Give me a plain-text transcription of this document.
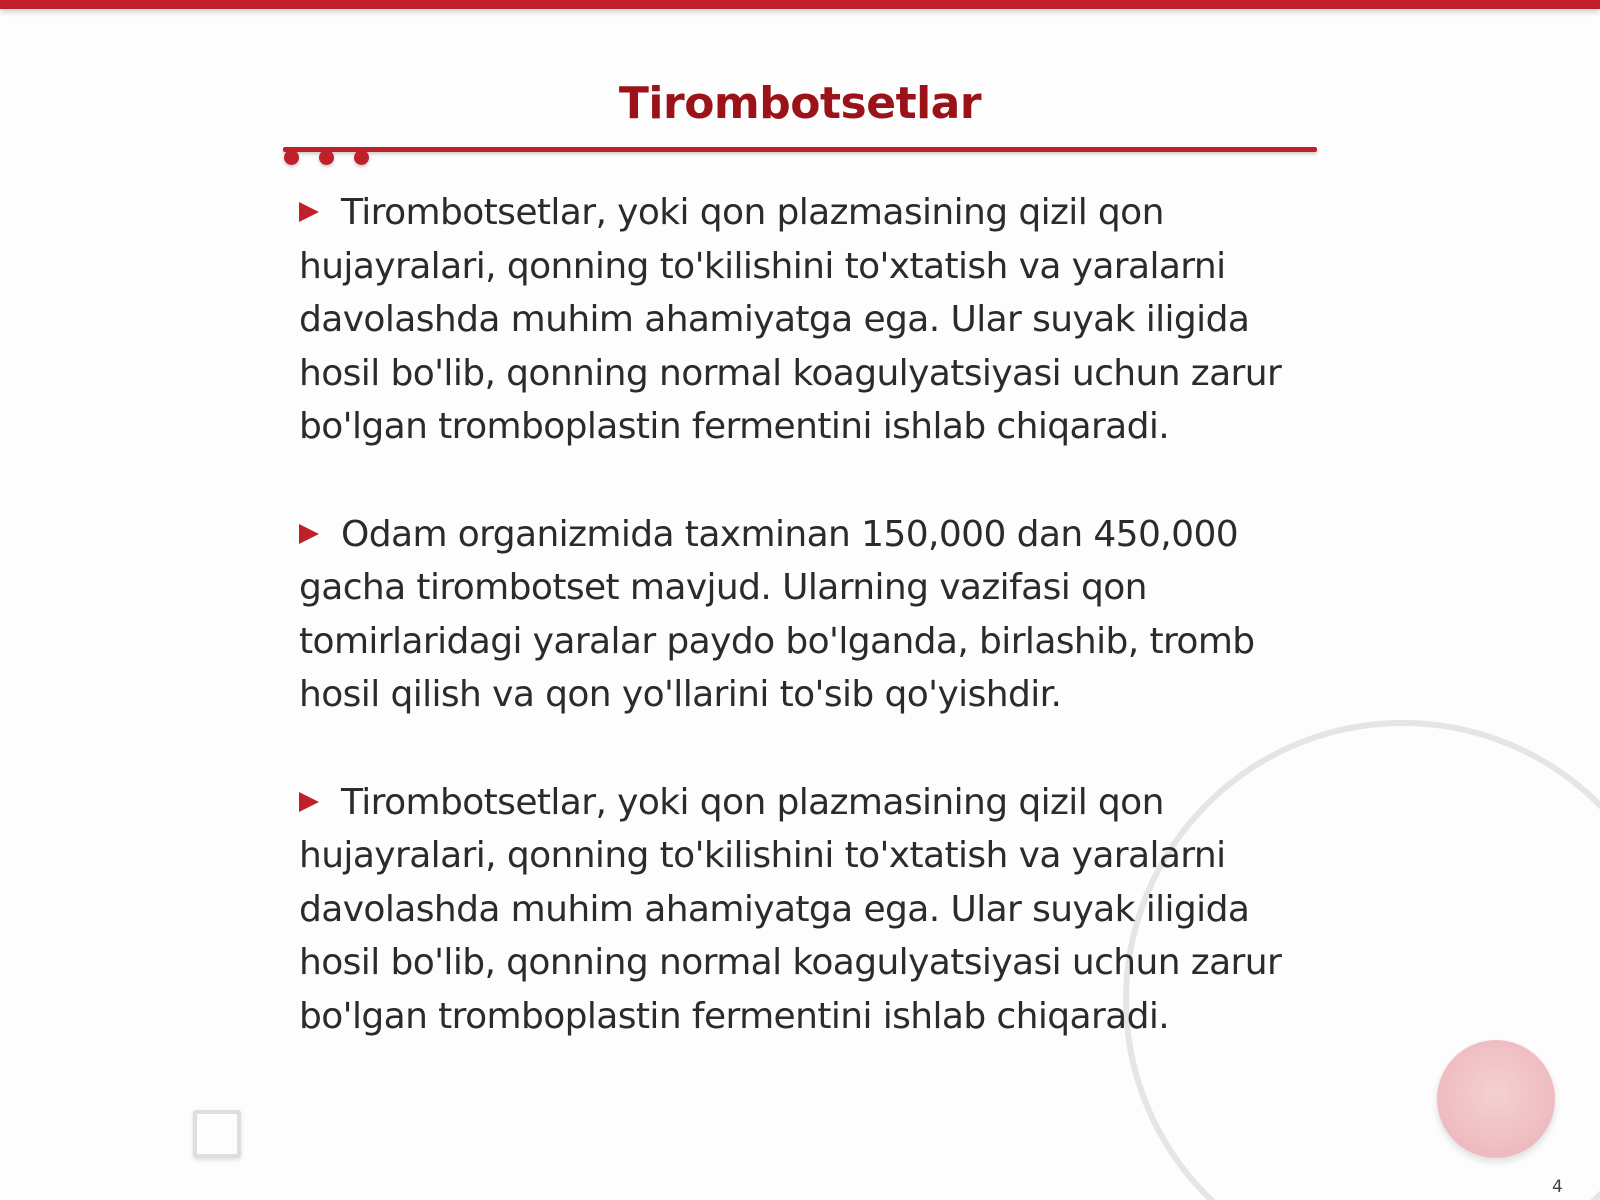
Tirombotsetlar

Tirombotsetlar, yoki qon plazmasining qizil qon hujayralari, qonning to'kilishini to'xtatish va yaralarni davolashda muhim ahamiyatga ega. Ular suyak iligida hosil bo'lib, qonning normal koagulyatsiyasi uchun zarur bo'lgan tromboplastin fermentini ishlab chiqaradi.

Odam organizmida taxminan 150,000 dan 450,000 gacha tirombotset mavjud. Ularning vazifasi qon tomirlaridagi yaralar paydo bo'lganda, birlashib, tromb hosil qilish va qon yo'llarini to'sib qo'yishdir.

Tirombotsetlar, yoki qon plazmasining qizil qon hujayralari, qonning to'kilishini to'xtatish va yaralarni davolashda muhim ahamiyatga ega. Ular suyak iligida hosil bo'lib, qonning normal koagulyatsiyasi uchun zarur bo'lgan tromboplastin fermentini ishlab chiqaradi.

4
